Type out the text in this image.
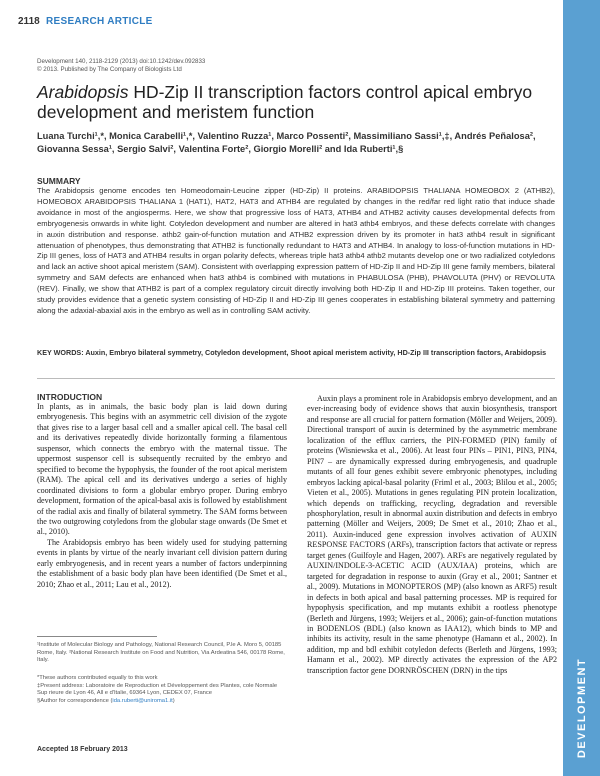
DEVELOPMENT
2118 RESEARCH ARTICLE
Development 140, 2118-2129 (2013) doi:10.1242/dev.092833
© 2013. Published by The Company of Biologists Ltd
Arabidopsis HD-Zip II transcription factors control apical embryo development and meristem function
Luana Turchi¹,*, Monica Carabelli¹,*, Valentino Ruzza¹, Marco Possenti², Massimiliano Sassi¹,‡, Andrés Peñalosa², Giovanna Sessa¹, Sergio Salvi², Valentina Forte², Giorgio Morelli² and Ida Ruberti¹,§
SUMMARY
The Arabidopsis genome encodes ten Homeodomain-Leucine zipper (HD-Zip) II proteins. ARABIDOPSIS THALIANA HOMEOBOX 2 (ATHB2), HOMEOBOX ARABIDOPSIS THALIANA 1 (HAT1), HAT2, HAT3 and ATHB4 are regulated by changes in the red/far red light ratio that induce shade avoidance in most of the angiosperms. Here, we show that progressive loss of HAT3, ATHB4 and ATHB2 activity causes developmental defects from embryogenesis onwards in white light. Cotyledon development and number are altered in hat3 athb4 embryos, and these defects correlate with changes in auxin distribution and response. athb2 gain-of-function mutation and ATHB2 expression driven by its promoter in hat3 athb4 result in significant attenuation of phenotypes, thus demonstrating that ATHB2 is functionally redundant to HAT3 and ATHB4. In analogy to loss-of-function mutations in HD-Zip III genes, loss of HAT3 and ATHB4 results in organ polarity defects, whereas triple hat3 athb4 athb2 mutants develop one or two radialized cotyledons and lack an active shoot apical meristem (SAM). Consistent with overlapping expression pattern of HD-Zip II and HD-Zip III gene family members, bilateral symmetry and SAM defects are enhanced when hat3 athb4 is combined with mutations in PHABULOSA (PHB), PHAVOLUTA (PHV) or REVOLUTA (REV). Finally, we show that ATHB2 is part of a complex regulatory circuit directly involving both HD-Zip II and HD-Zip III proteins. Taken together, our study provides evidence that a genetic system consisting of HD-Zip II and HD-Zip III genes cooperates in establishing bilateral symmetry and patterning along the adaxial-abaxial axis in the embryo as well as in controlling SAM activity.
KEY WORDS: Auxin, Embryo bilateral symmetry, Cotyledon development, Shoot apical meristem activity, HD-Zip III transcription factors, Arabidopsis
INTRODUCTION

In plants, as in animals, the basic body plan is laid down during embryogenesis. This begins with an asymmetric cell division of the zygote that gives rise to a larger basal cell and a smaller apical cell. The basal cell and its derivatives repeatedly divide horizontally forming a filamentous suspensor, which connects the embryo with the maternal tissue. The uppermost suspensor cell is subsequently recruited by the embryo and specified to become the hypophysis, the founder of the root apical meristem (RAM). The apical cell and its derivatives undergo a series of highly coordinated divisions to form a globular embryo proper. During embryo development, formation of the apical-basal axis is followed by establishment of the radial axis and finally of bilateral symmetry. The SAM forms between the two outgrowing cotyledons from the globular stage onwards (De Smet et al., 2010).

The Arabidopsis embryo has been widely used for studying patterning events in plants by virtue of the nearly invariant cell division pattern during early embryogenesis, and in recent years a number of factors underpinning the establishment of a basic body plan have been identified (De Smet et al., 2010; Zhao et al., 2011; Lau et al., 2012).

Auxin plays a prominent role in Arabidopsis embryo development, and an ever-increasing body of evidence shows that auxin biosynthesis, transport and response are all crucial for pattern formation (Möller and Weijers, 2009). Directional transport of auxin is determined by the asymmetric membrane localization of the efflux carriers, the PIN-FORMED (PIN) family of proteins (Wisniewska et al., 2006). At least four PINs – PIN1, PIN3, PIN4, PIN7 – are dynamically expressed during embryogenesis, and quadruple mutants of all four genes exhibit severe embryonic phenotypes, including embryos lacking apical-basal polarity (Friml et al., 2003; Blilou et al., 2005; Vieten et al., 2005). Mutations in genes regulating PIN protein localization, which depends on trafficking, recycling, degradation and reversible phosphorylation, result in abnormal auxin distribution and defects in embryo patterning (Möller and Weijers, 2009; De Smet et al., 2010; Zhao et al., 2011). Auxin-induced gene expression involves activation of AUXIN RESPONSE FACTORS (ARFs), transcription factors that activate or repress target genes (Guilfoyle and Hagen, 2007). ARFs are negatively regulated by AUXIN/INDOLE-3-ACETIC ACID (AUX/IAA) proteins, which are targeted for degradation in response to auxin (Gray et al., 2001; Santner et al., 2009). Mutations in MONOPTEROS (MP) (also known as ARF5) result in defects in both apical and basal patterning processes. MP is required for hypophysis specification, and mp mutants exhibit a rootless phenotype (Berleth and Jürgens, 1993; Weijers et al., 2006); gain-of-function mutations in BODENLOS (BDL) (also known as IAA12), which binds to MP and inhibits its activity, result in the same phenotype (Hamann et al., 2002). In addition, mp and bdl exhibit cotyledon defects (Berleth and Jürgens, 1993; Hamann et al., 2002). MP directly activates the expression of the AP2 transcription factor gene DORNRÖSCHEN (DRN) in the tips

¹Institute of Molecular Biology and Pathology, National Research Council, P.le A. Moro 5, 00185 Rome, Italy. ²National Research Institute on Food and Nutrition, Via Ardeatina 546, 00178 Rome, Italy.
*These authors contributed equally to this work
‡Present address: Laboratoire de Reproduction et Développement des Plantes, cole Normale Sup rieure de Lyon 46, All e d'Italie, 69364 Lyon, CEDEX 07, France
§Author for correspondence (ida.ruberti@uniroma1.it)
Accepted 18 February 2013
